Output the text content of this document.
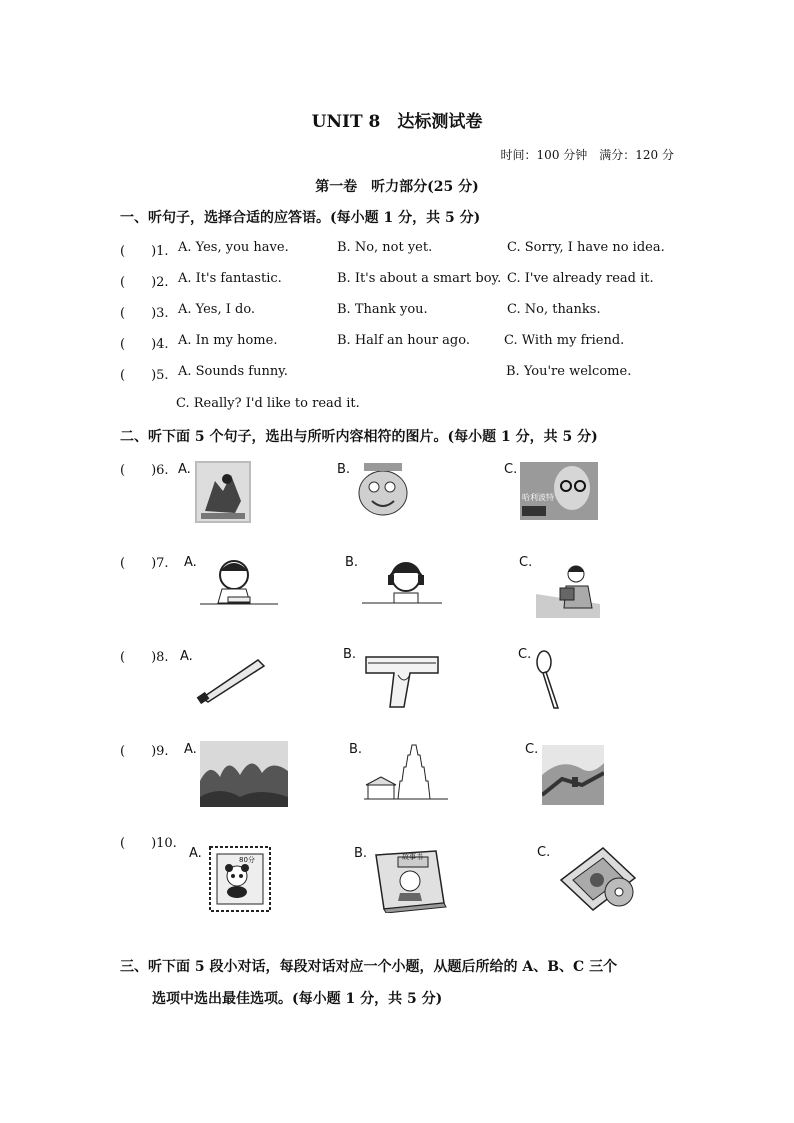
UNIT 8　达标测试卷
时间：100 分钟　满分：120 分
第一卷　听力部分(25 分)
一、听句子，选择合适的应答语。(每小题 1 分，共 5 分)
(　　)1. A. Yes, you have.	B. No, not yet.	C. Sorry, I have no idea.
(　　)2. A. It's fantastic.	B. It's about a smart boy. C. I've already read it.
(　　)3. A. Yes, I do.	B. Thank you.	C. No, thanks.
(　　)4. A. In my home.	B. Half an hour ago.	C. With my friend.
(　　)5. A. Sounds funny.	B. You're welcome.
C. Really? I'd like to read it.
二、听下面 5 个句子，选出与所听内容相符的图片。(每小题 1 分，共 5 分)
(　　)6. A.	B.	C.
哈利波特
(　　)7. A.	B.	C.
(　　)8. A.	B.	C.
(　　)9. A.	B.	C.
(　　)10.
A.	80分	B.	故事书	C.
三、听下面 5 段小对话，每段对话对应一个小题，从题后所给的 A、B、C 三个
选项中选出最佳选项。(每小题 1 分，共 5 分)
